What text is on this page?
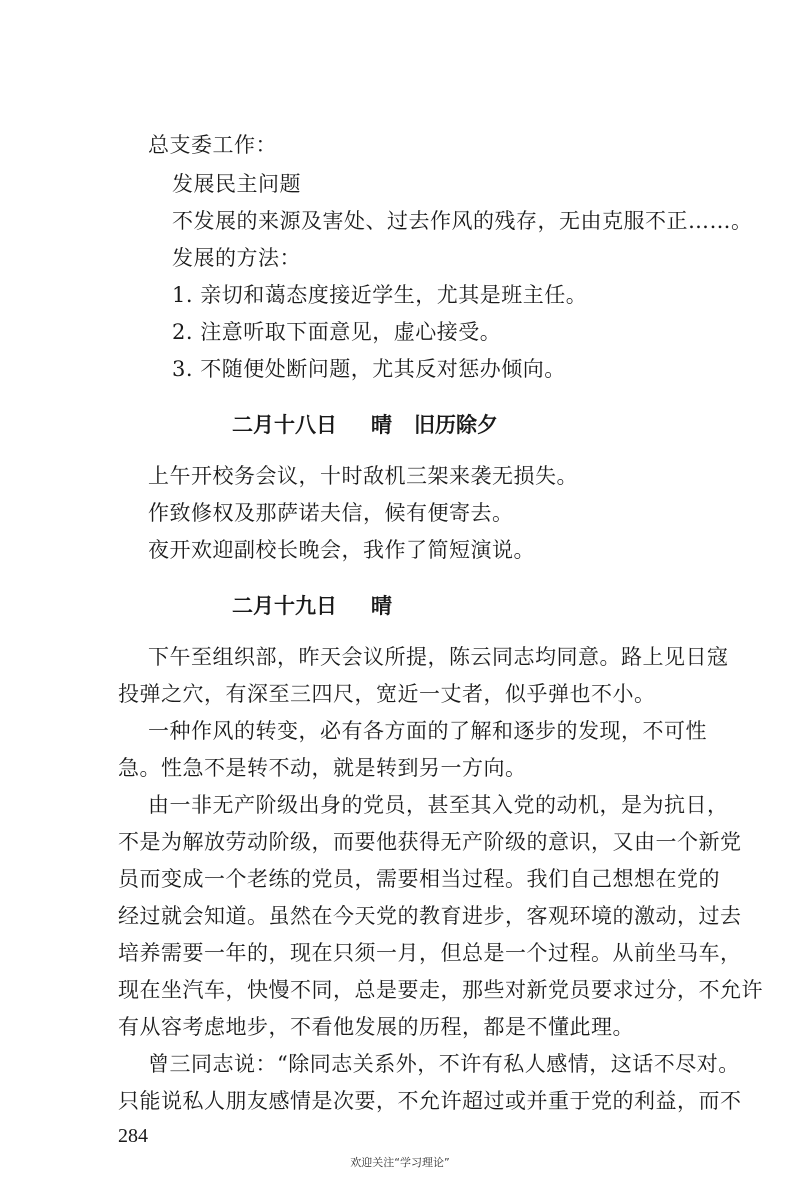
总支委工作：
发展民主问题
不发展的来源及害处、过去作风的残存，无由克服不正……。
发展的方法：
1. 亲切和蔼态度接近学生，尤其是班主任。
2. 注意听取下面意见，虚心接受。
3. 不随便处断问题，尤其反对惩办倾向。
二月十八日 晴 旧历除夕
上午开校务会议，十时敌机三架来袭无损失。
作致修权及那萨诺夫信，候有便寄去。
夜开欢迎副校长晚会，我作了简短演说。
二月十九日 晴
下午至组织部，昨天会议所提，陈云同志均同意。路上见日寇
投弹之穴，有深至三四尺，宽近一丈者，似乎弹也不小。
一种作风的转变，必有各方面的了解和逐步的发现，不可性
急。性急不是转不动，就是转到另一方向。
由一非无产阶级出身的党员，甚至其入党的动机，是为抗日，
不是为解放劳动阶级，而要他获得无产阶级的意识，又由一个新党
员而变成一个老练的党员，需要相当过程。我们自己想想在党的
经过就会知道。虽然在今天党的教育进步，客观环境的激动，过去
培养需要一年的，现在只须一月，但总是一个过程。从前坐马车，
现在坐汽车，快慢不同，总是要走，那些对新党员要求过分，不允许
有从容考虑地步，不看他发展的历程，都是不懂此理。
曾三同志说：“除同志关系外，不许有私人感情，这话不尽对。
只能说私人朋友感情是次要，不允许超过或并重于党的利益，而不
284
欢迎关注“学习理论”
